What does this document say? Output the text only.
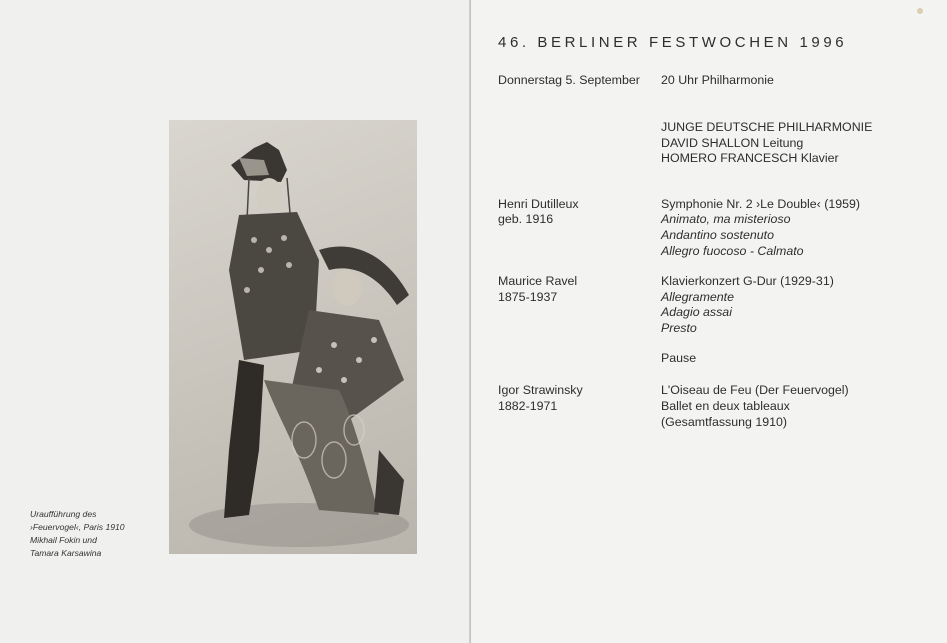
Uraufführung des
›Feuervogel‹, Paris 1910
Mikhail Fokin und
Tamara Karsawina
46. BERLINER FESTWOCHEN 1996
Donnerstag 5. September 20 Uhr Philharmonie
JUNGE DEUTSCHE PHILHARMONIE
DAVID SHALLON Leitung
HOMERO FRANCESCH Klavier
Henri Dutilleux
geb. 1916
Symphonie Nr. 2 ›Le Double‹ (1959)
Animato, ma misterioso
Andantino sostenuto
Allegro fuocoso - Calmato
Maurice Ravel
1875-1937
Klavierkonzert G-Dur (1929-31)
Allegramente
Adagio assai
Presto
Pause
Igor Strawinsky
1882-1971
L'Oiseau de Feu (Der Feuervogel)
Ballet en deux tableaux
(Gesamtfassung 1910)
